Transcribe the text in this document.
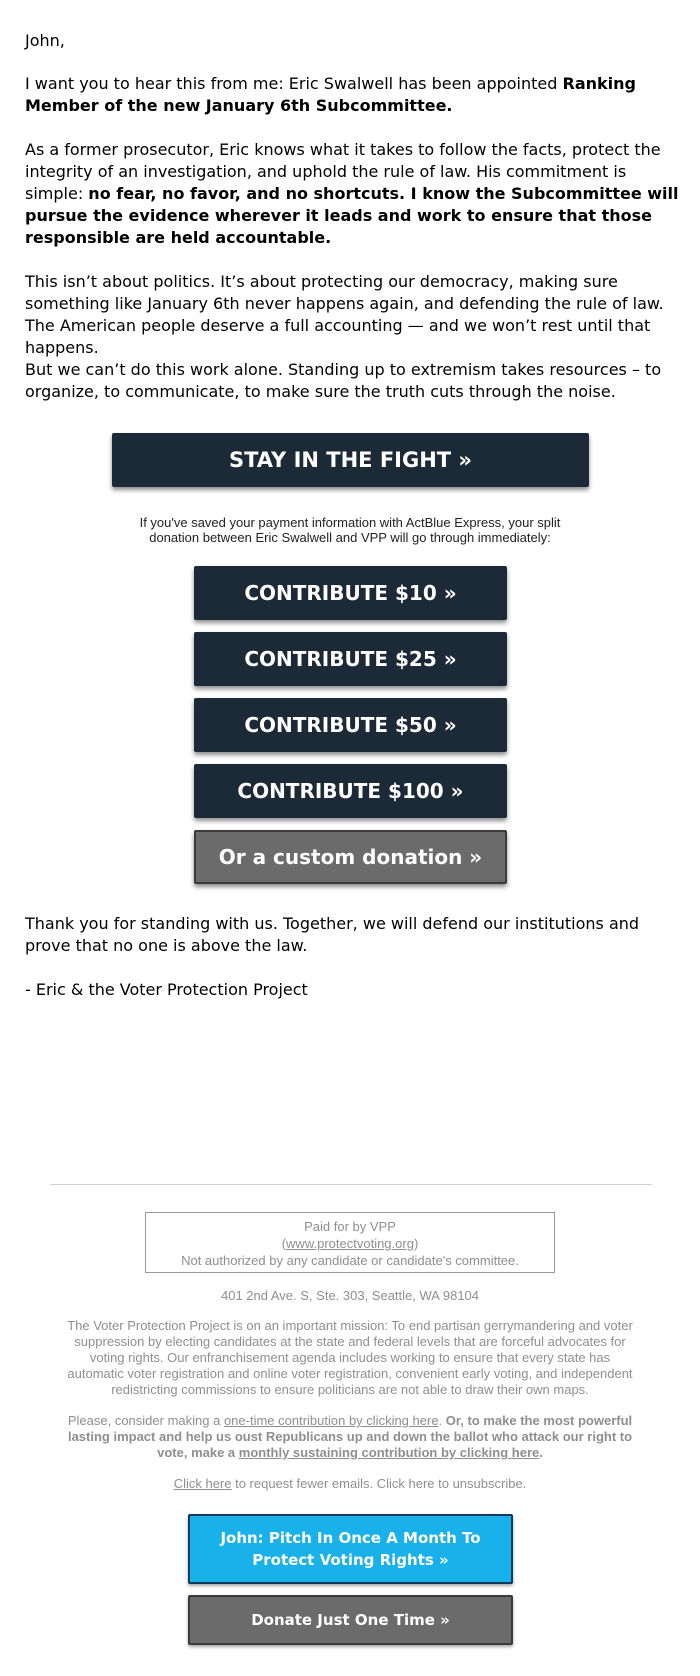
John,

I want you to hear this from me: Eric Swalwell has been appointed Ranking Member of the new January 6th Subcommittee.

As a former prosecutor, Eric knows what it takes to follow the facts, protect the integrity of an investigation, and uphold the rule of law. His commitment is simple: no fear, no favor, and no shortcuts. I know the Subcommittee will pursue the evidence wherever it leads and work to ensure that those responsible are held accountable.

This isn’t about politics. It’s about protecting our democracy, making sure something like January 6th never happens again, and defending the rule of law. The American people deserve a full accounting — and we won’t rest until that happens.

But we can’t do this work alone. Standing up to extremism takes resources – to organize, to communicate, to make sure the truth cuts through the noise.

STAY IN THE FIGHT »
If you've saved your payment information with ActBlue Express, your split donation between Eric Swalwell and VPP will go through immediately:
CONTRIBUTE $10 »
CONTRIBUTE $25 »
CONTRIBUTE $50 »
CONTRIBUTE $100 »
Or a custom donation »

Thank you for standing with us. Together, we will defend our institutions and prove that no one is above the law.

- Eric & the Voter Protection Project

Paid for by VPP
(www.protectvoting.org)
Not authorized by any candidate or candidate's committee.
401 2nd Ave. S, Ste. 303, Seattle, WA 98104
The Voter Protection Project is on an important mission: To end partisan gerrymandering and voter suppression by electing candidates at the state and federal levels that are forceful advocates for voting rights. Our enfranchisement agenda includes working to ensure that every state has automatic voter registration and online voter registration, convenient early voting, and independent redistricting commissions to ensure politicians are not able to draw their own maps.
Please, consider making a one-time contribution by clicking here. Or, to make the most powerful lasting impact and help us oust Republicans up and down the ballot who attack our right to vote, make a monthly sustaining contribution by clicking here.
Click here to request fewer emails. Click here to unsubscribe.
John: Pitch In Once A Month To Protect Voting Rights »
Donate Just One Time »
